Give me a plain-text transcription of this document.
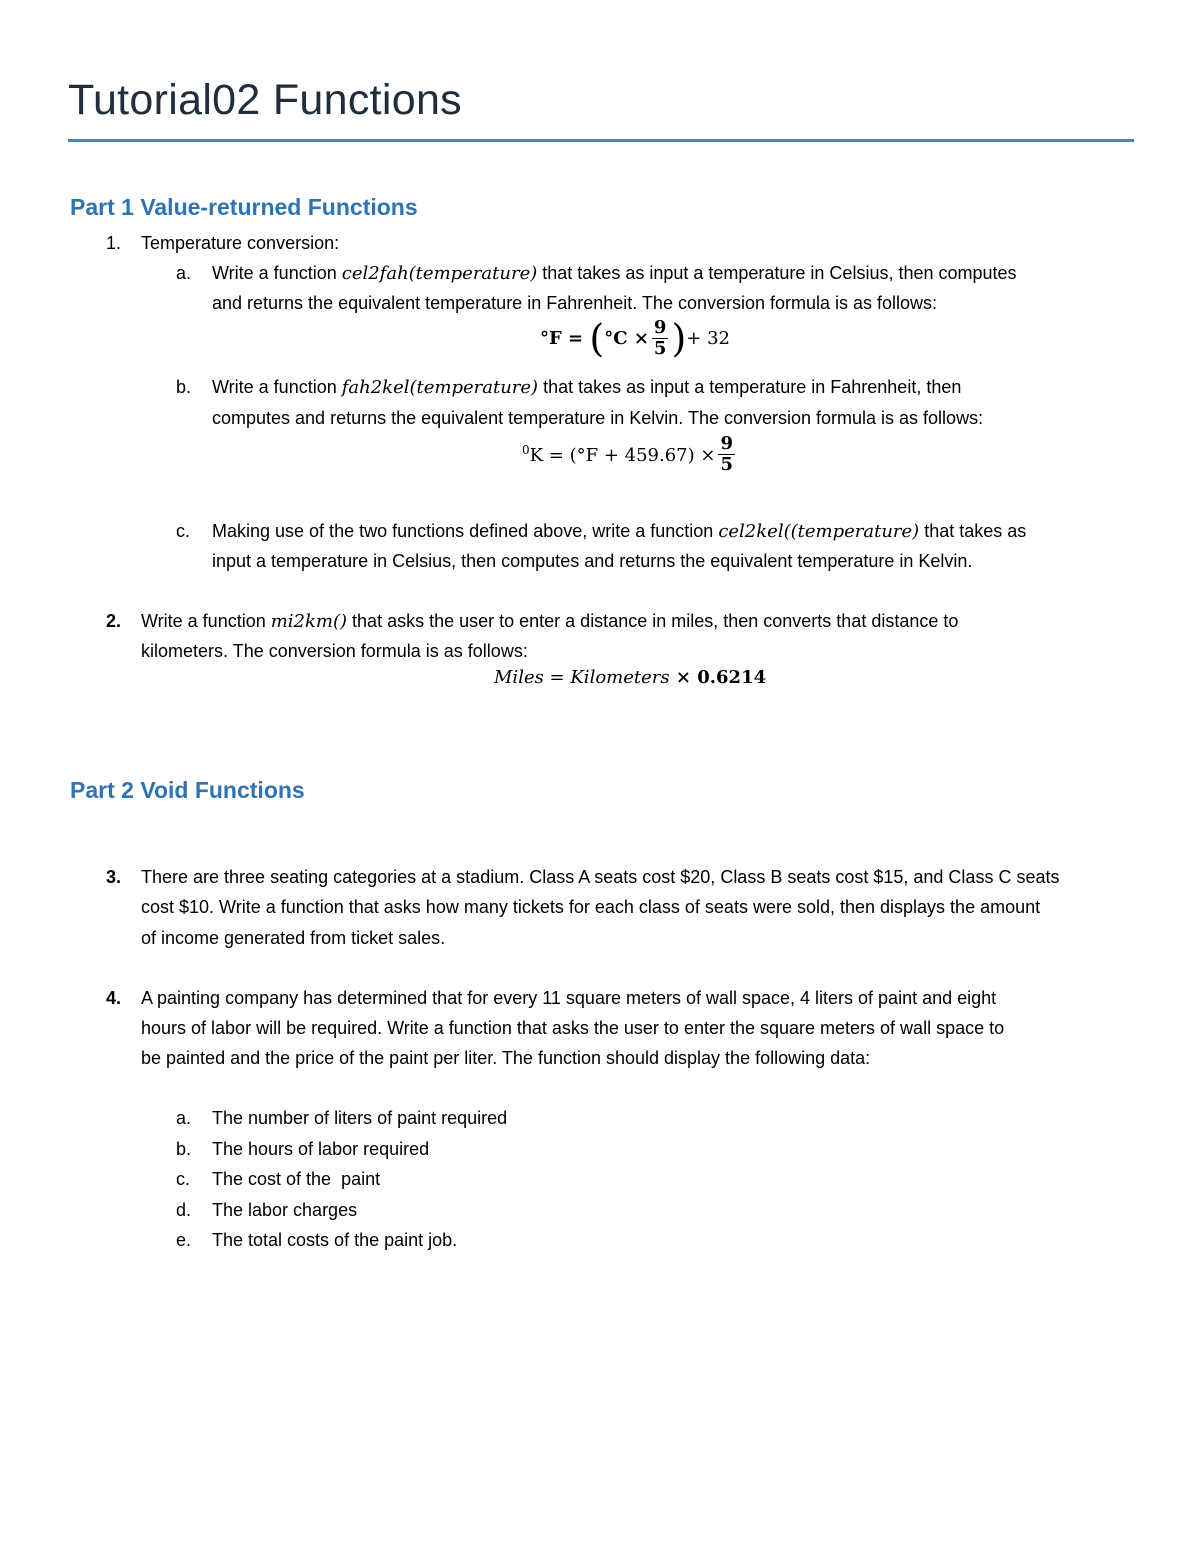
Tutorial02 Functions
Part 1 Value-returned Functions
1. Temperature conversion:
a. Write a function cel2fah(temperature) that takes as input a temperature in Celsius, then computes
and returns the equivalent temperature in Fahrenheit. The conversion formula is as follows:
$^\circ F = (^\circ C \times \frac{9}{5}$ )+ 32
b. Write a function fah2kel(temperature) that takes as input a temperature in Fahrenheit, then
computes and returns the equivalent temperature in Kelvin. The conversion formula is as follows:
$^0K = (^\circ F + 459.67) \times \frac{9}{5}$
c. Making use of the two functions defined above, write a function cel2kel((temperature) that takes as
input a temperature in Celsius, then computes and returns the equivalent temperature in Kelvin.
2. Write a function mi2km() that asks the user to enter a distance in miles, then converts that distance to
kilometers. The conversion formula is as follows:
Miles = Kilometers × 0.6214
Part 2 Void Functions
3. There are three seating categories at a stadium. Class A seats cost $20, Class B seats cost $15, and Class C seats
cost $10. Write a function that asks how many tickets for each class of seats were sold, then displays the amount
of income generated from ticket sales.
4. A painting company has determined that for every 11 square meters of wall space, 4 liters of paint and eight
hours of labor will be required. Write a function that asks the user to enter the square meters of wall space to
be painted and the price of the paint per liter. The function should display the following data:
a. The number of liters of paint required
b. The hours of labor required
c. The cost of the  paint
d. The labor charges
e. The total costs of the paint job.
